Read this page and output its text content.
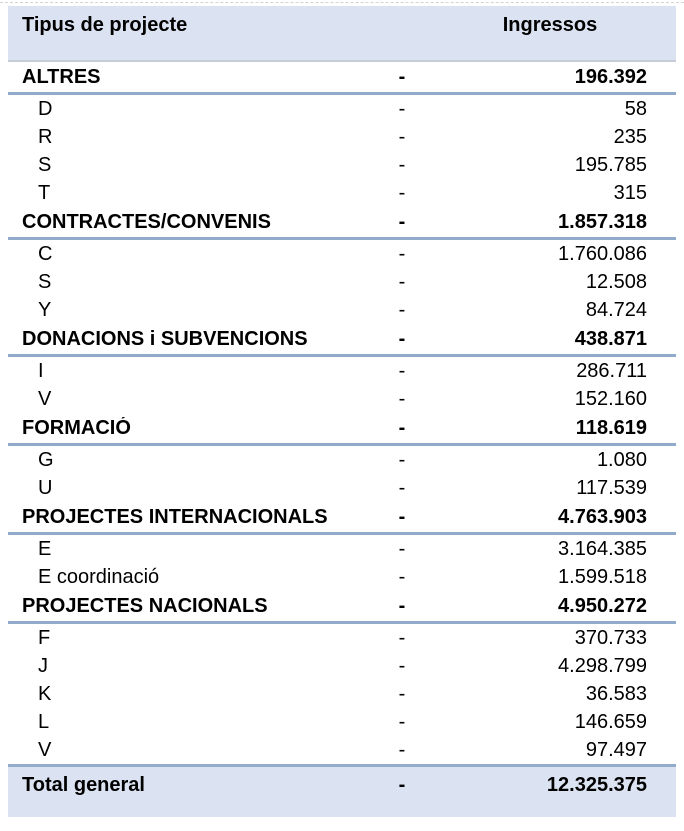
Tipus de projecte	Ingressos
ALTRES	-	196.392
D	-	58
R	-	235
S	-	195.785
T	-	315
CONTRACTES/CONVENIS	-	1.857.318
C	-	1.760.086
S	-	12.508
Y	-	84.724
DONACIONS i SUBVENCIONS	-	438.871
I	-	286.711
V	-	152.160
FORMACIÓ	-	118.619
G	-	1.080
U	-	117.539
PROJECTES INTERNACIONALS	-	4.763.903
E	-	3.164.385
E coordinació	-	1.599.518
PROJECTES NACIONALS	-	4.950.272
F	-	370.733
J	-	4.298.799
K	-	36.583
L	-	146.659
V	-	97.497
Total general	-	12.325.375
